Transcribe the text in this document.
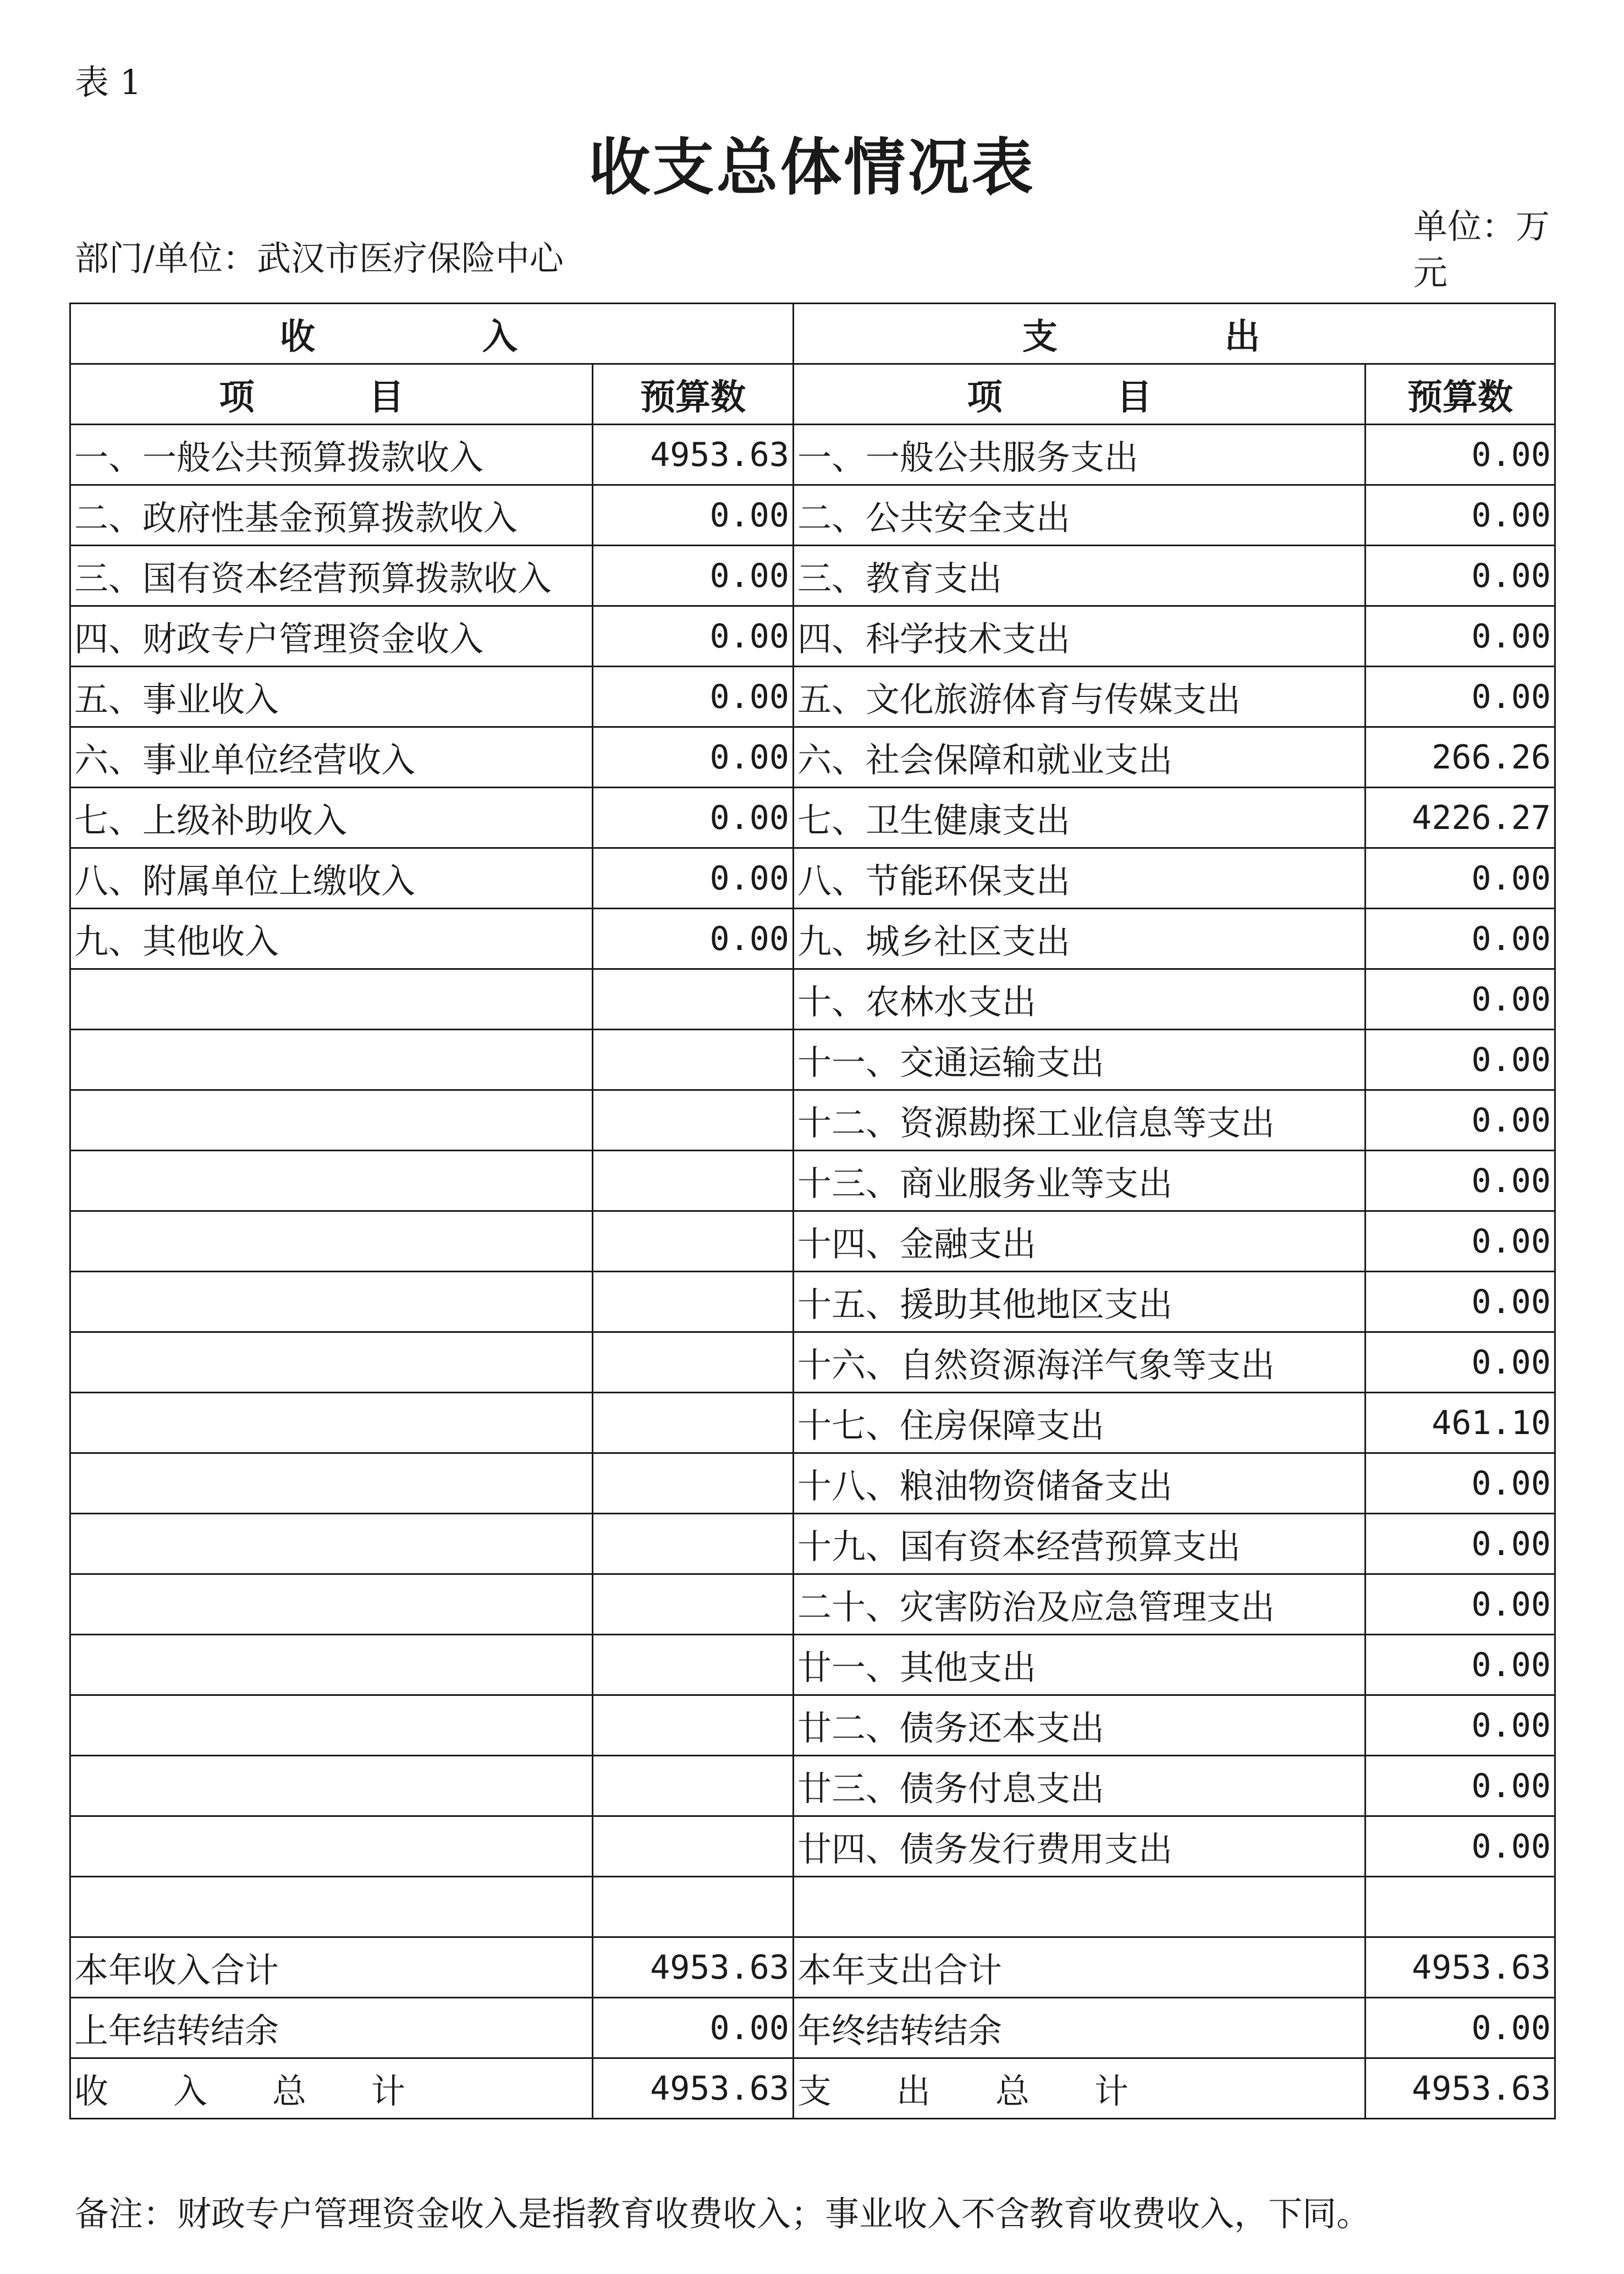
表 1
收支总体情况表
部门/单位：武汉市医疗保险中心
单位：万元
收　入		支　出	
项　目	预算数	项　目	预算数
一、一般公共预算拨款收入	4953.63	一、一般公共服务支出	0.00
二、政府性基金预算拨款收入	0.00	二、公共安全支出	0.00
三、国有资本经营预算拨款收入	0.00	三、教育支出	0.00
四、财政专户管理资金收入	0.00	四、科学技术支出	0.00
五、事业收入	0.00	五、文化旅游体育与传媒支出	0.00
六、事业单位经营收入	0.00	六、社会保障和就业支出	266.26
七、上级补助收入	0.00	七、卫生健康支出	4226.27
八、附属单位上缴收入	0.00	八、节能环保支出	0.00
九、其他收入	0.00	九、城乡社区支出	0.00
		十、农林水支出	0.00
		十一、交通运输支出	0.00
		十二、资源勘探工业信息等支出	0.00
		十三、商业服务业等支出	0.00
		十四、金融支出	0.00
		十五、援助其他地区支出	0.00
		十六、自然资源海洋气象等支出	0.00
		十七、住房保障支出	461.10
		十八、粮油物资储备支出	0.00
		十九、国有资本经营预算支出	0.00
		二十、灾害防治及应急管理支出	0.00
		廿一、其他支出	0.00
		廿二、债务还本支出	0.00
		廿三、债务付息支出	0.00
		廿四、债务发行费用支出	0.00

本年收入合计	4953.63	本年支出合计	4953.63
上年结转结余	0.00	年终结转结余	0.00
收入总计	4953.63	支出总计	4953.63
备注：财政专户管理资金收入是指教育收费收入；事业收入不含教育收费收入，下同。
